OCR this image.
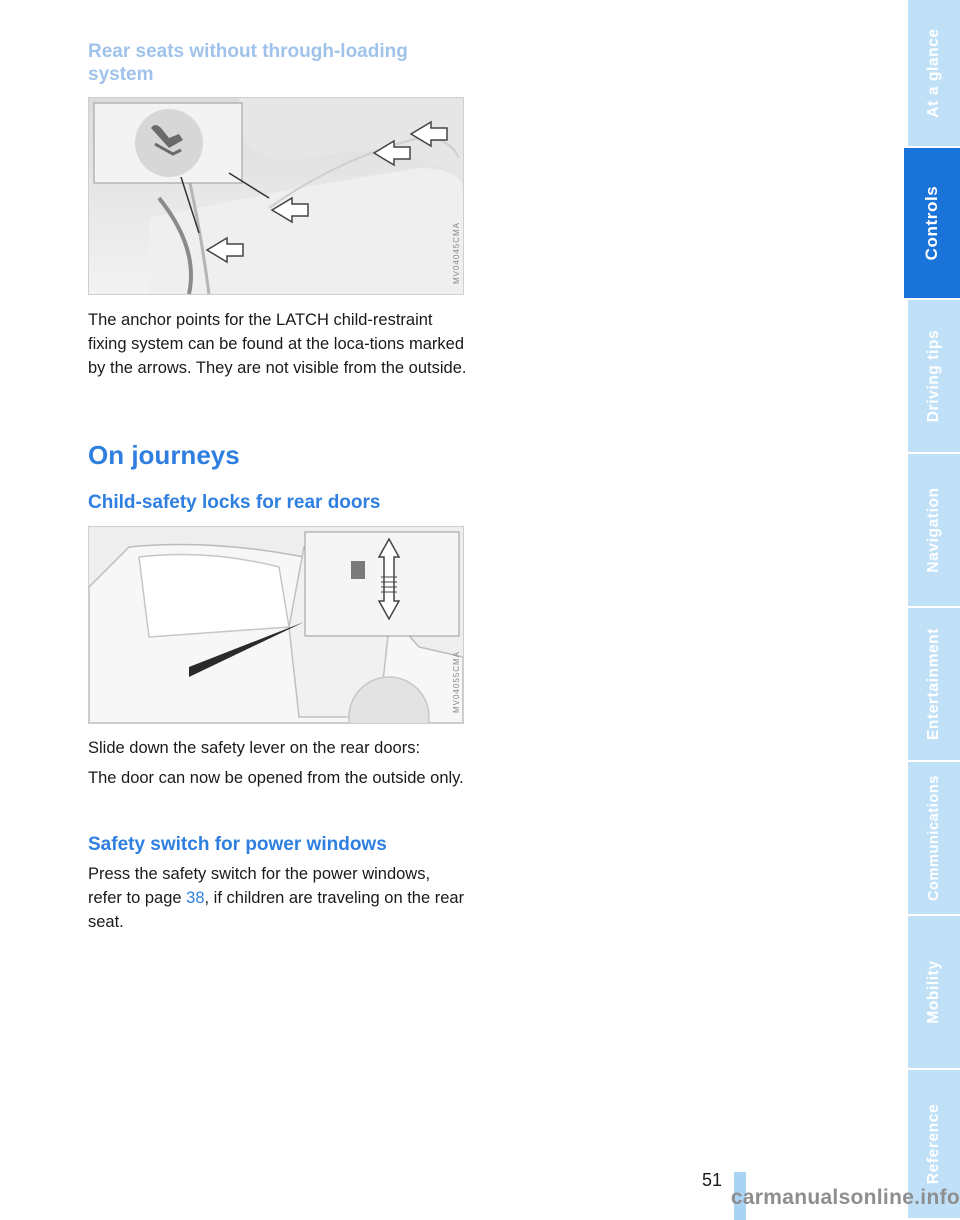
Rear seats without through-loading system
MV04045CMA

The anchor points for the LATCH child-restraint fixing system can be found at the loca-tions marked by the arrows. They are not visible from the outside.

On journeys
Child-safety locks for rear doors
MV04055CMA

Slide down the safety lever on the rear doors:

The door can now be opened from the outside only.

Safety switch for power windows

Press the safety switch for the power windows, refer to page 38, if children are traveling on the rear seat.

At a glance
Controls
Driving tips
Navigation
Entertainment
Communications
Mobility
Reference
51
carmanualsonline.info
